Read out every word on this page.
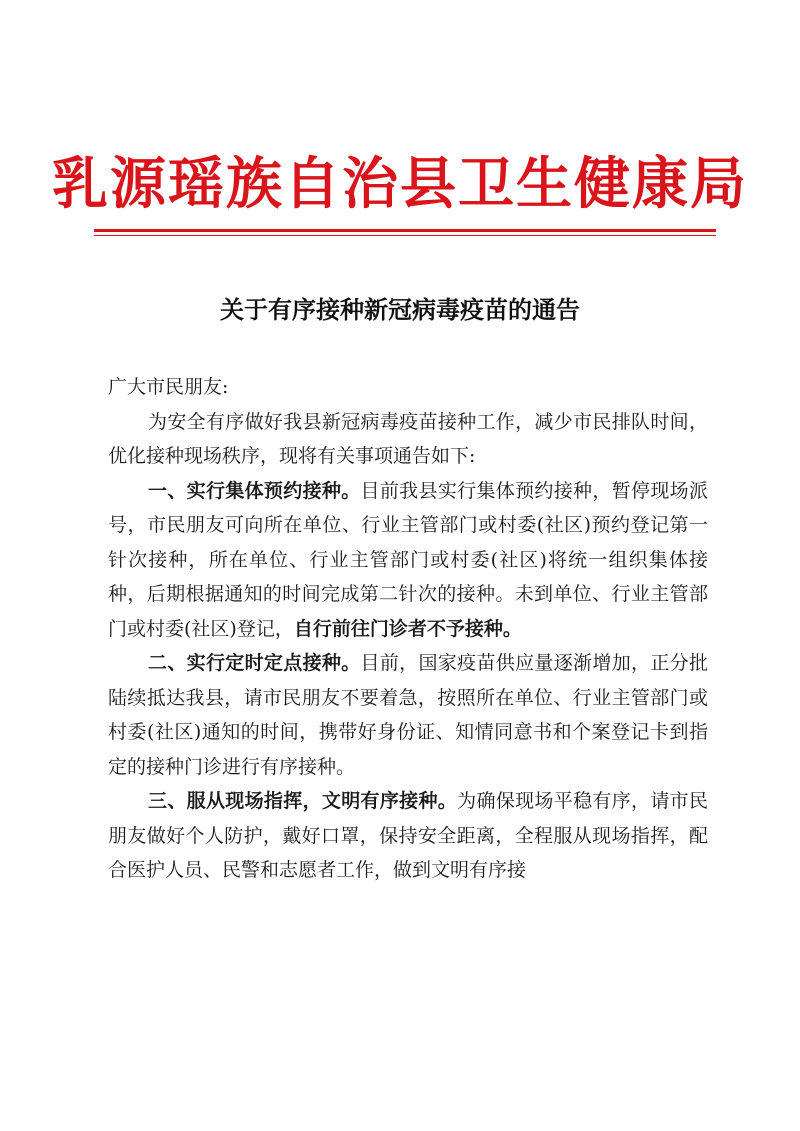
乳源瑶族自治县卫生健康局
关于有序接种新冠病毒疫苗的通告

广大市民朋友:

为安全有序做好我县新冠病毒疫苗接种工作，减少市民排队时间，优化接种现场秩序，现将有关事项通告如下:

一、实行集体预约接种。目前我县实行集体预约接种，暂停现场派号，市民朋友可向所在单位、行业主管部门或村委(社区)预约登记第一针次接种，所在单位、行业主管部门或村委(社区)将统一组织集体接种，后期根据通知的时间完成第二针次的接种。未到单位、行业主管部门或村委(社区)登记，自行前往门诊者不予接种。

二、实行定时定点接种。目前，国家疫苗供应量逐渐增加，正分批陆续抵达我县，请市民朋友不要着急，按照所在单位、行业主管部门或村委(社区)通知的时间，携带好身份证、知情同意书和个案登记卡到指定的接种门诊进行有序接种。

三、服从现场指挥，文明有序接种。为确保现场平稳有序，请市民朋友做好个人防护，戴好口罩，保持安全距离，全程服从现场指挥，配合医护人员、民警和志愿者工作，做到文明有序接
